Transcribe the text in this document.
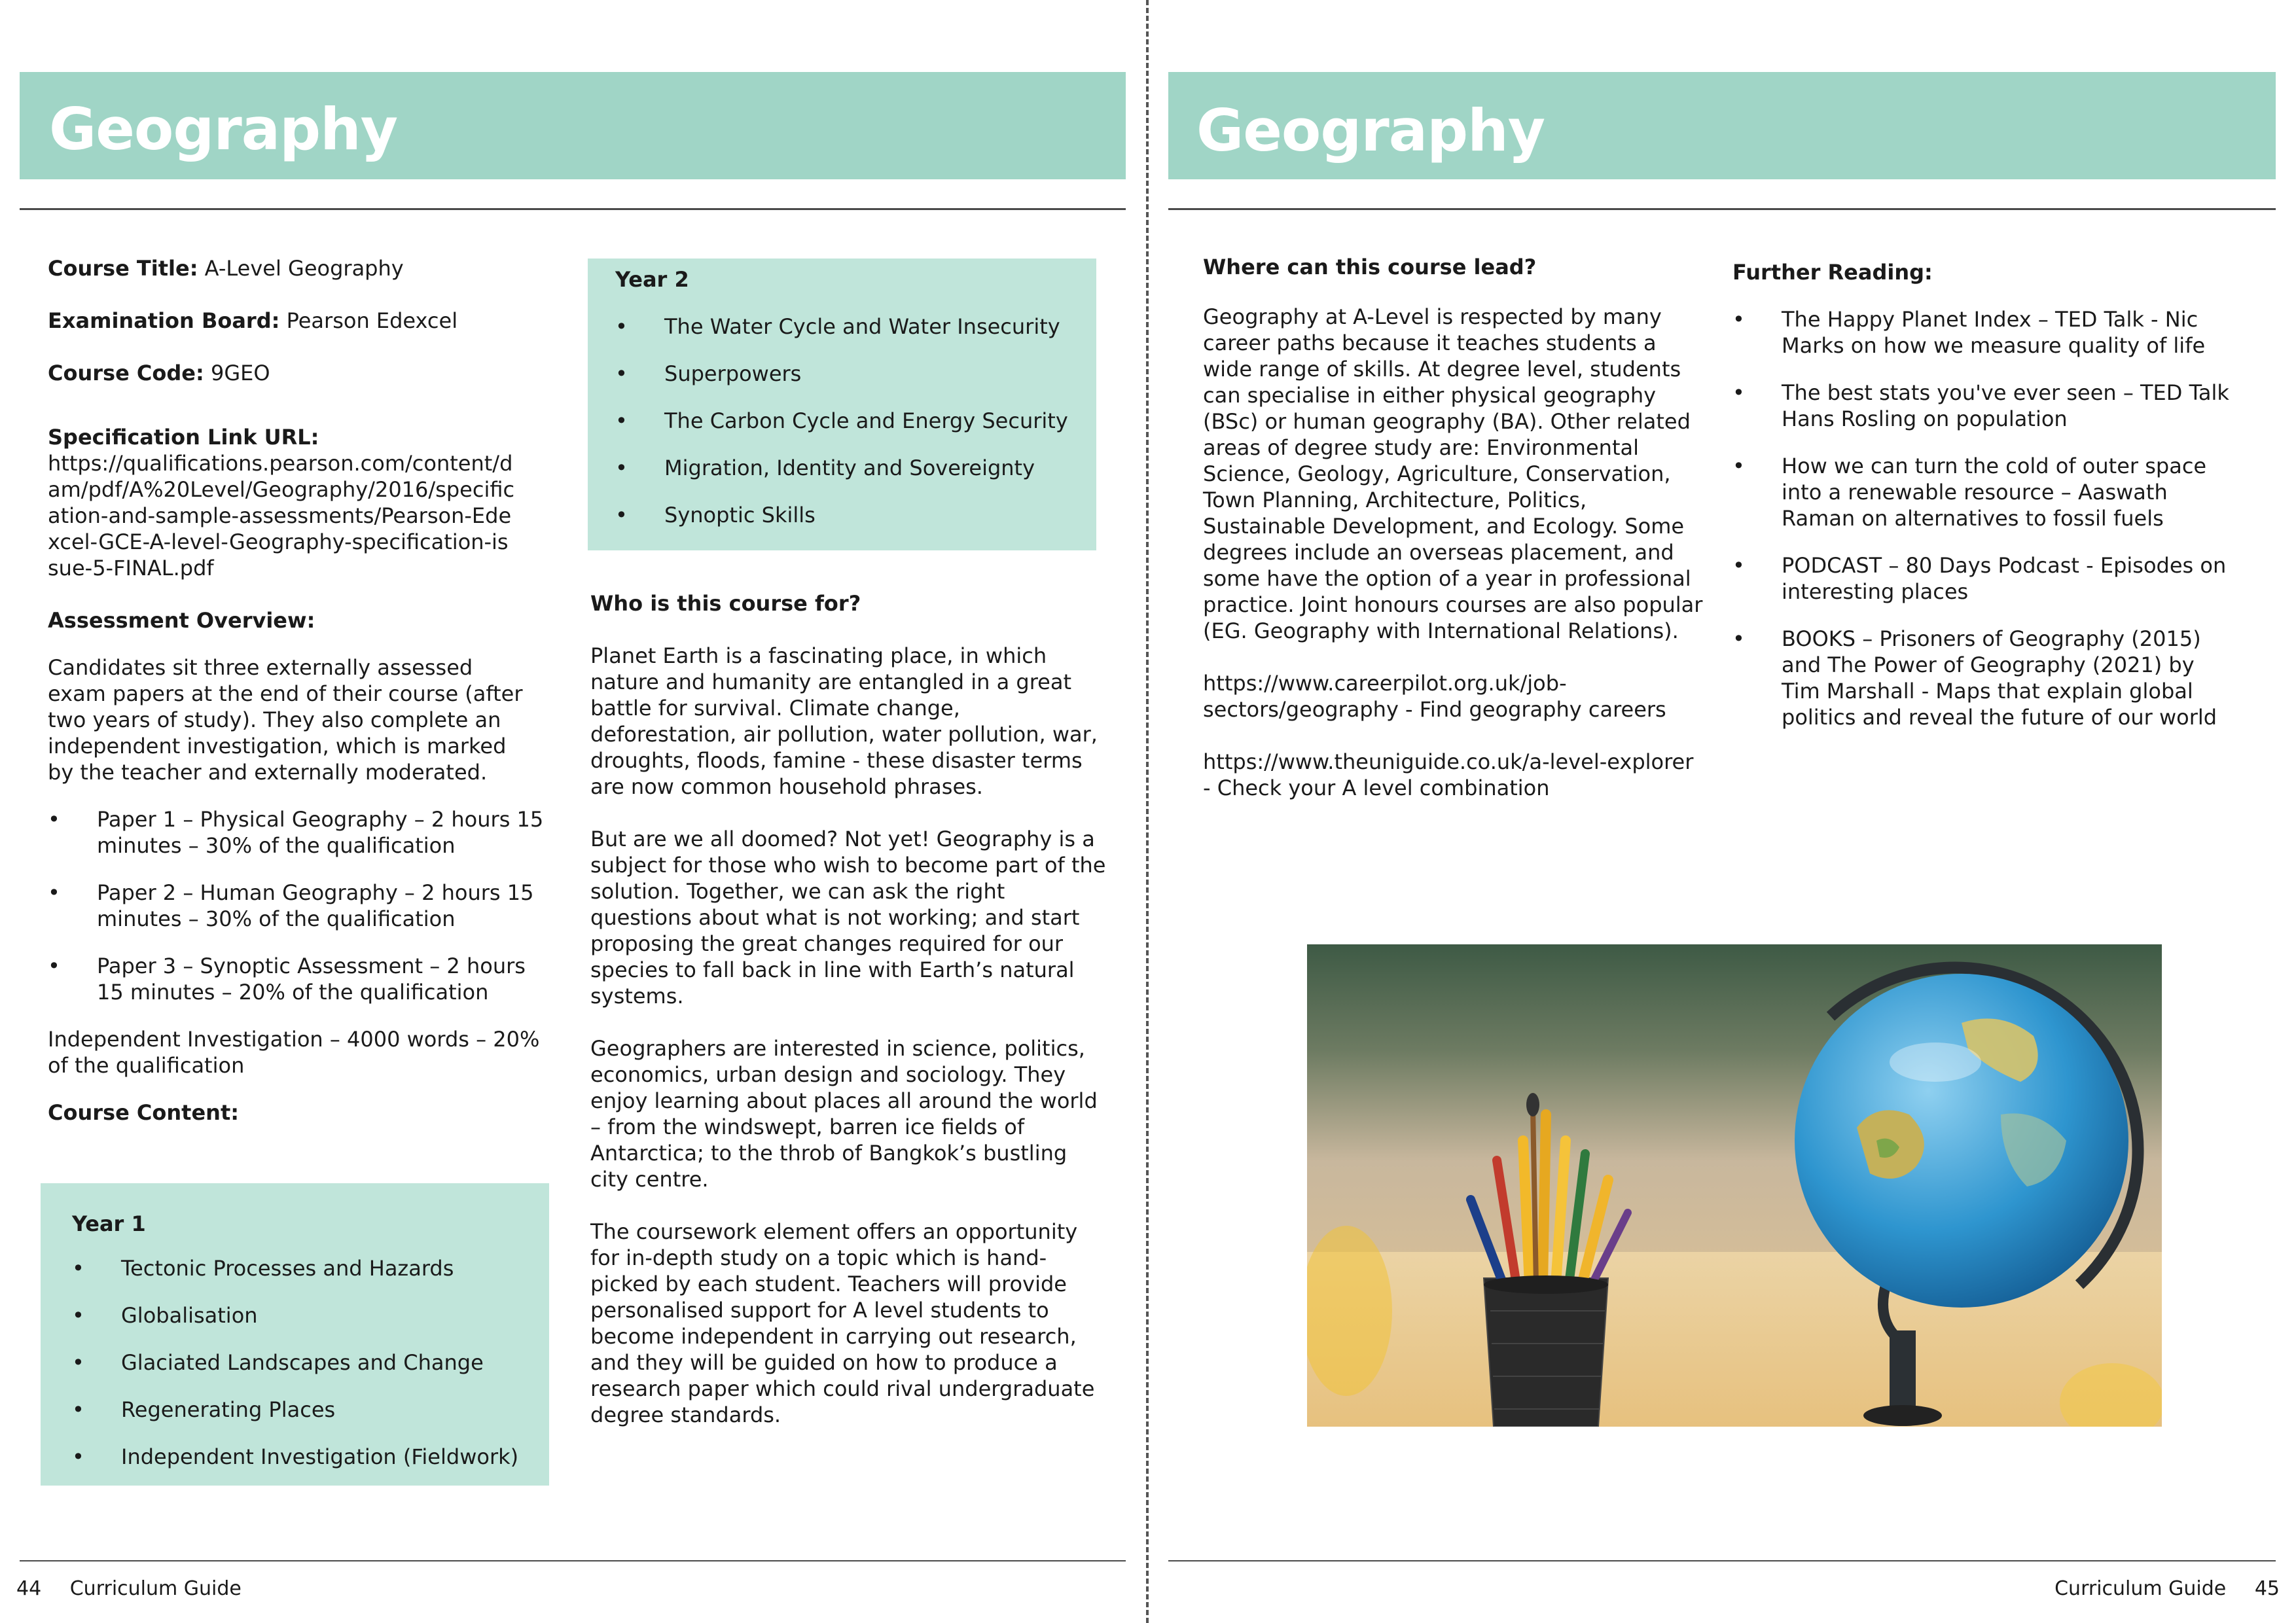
Geography

Course Title: A-Level Geography

Examination Board: Pearson Edexcel

Course Code: 9GEO

Specification Link URL:

https://qualifications.pearson.com/content/dam/pdf/A%20Level/Geography/2016/specification-and-sample-assessments/Pearson-Edexcel-GCE-A-level-Geography-specification-issue-5-FINAL.pdf

Assessment Overview:

Candidates sit three externally assessed exam papers at the end of their course (after two years of study). They also complete an independent investigation, which is marked by the teacher and externally moderated.

• Paper 1 – Physical Geography – 2 hours 15 minutes – 30% of the qualification
• Paper 2 – Human Geography – 2 hours 15 minutes – 30% of the qualification
• Paper 3 – Synoptic Assessment – 2 hours 15 minutes – 20% of the qualification

Independent Investigation – 4000 words – 20% of the qualification

Course Content:
Year 1
• Tectonic Processes and Hazards
• Globalisation
• Glaciated Landscapes and Change
• Regenerating Places
• Independent Investigation (Fieldwork)
Year 2
• The Water Cycle and Water Insecurity
• Superpowers
• The Carbon Cycle and Energy Security
• Migration, Identity and Sovereignty
• Synoptic Skills
Who is this course for?

Planet Earth is a fascinating place, in which nature and humanity are entangled in a great battle for survival. Climate change, deforestation, air pollution, water pollution, war, droughts, floods, famine - these disaster terms are now common household phrases.

But are we all doomed? Not yet! Geography is a subject for those who wish to become part of the solution. Together, we can ask the right questions about what is not working; and start proposing the great changes required for our species to fall back in line with Earth’s natural systems.

Geographers are interested in science, politics, economics, urban design and sociology. They enjoy learning about places all around the world – from the windswept, barren ice fields of Antarctica; to the throb of Bangkok’s bustling city centre.

The coursework element offers an opportunity for in-depth study on a topic which is hand-picked by each student. Teachers will provide personalised support for A level students to become independent in carrying out research, and they will be guided on how to produce a research paper which could rival undergraduate degree standards.

44 Curriculum Guide
Geography
Where can this course lead?

Geography at A-Level is respected by many career paths because it teaches students a wide range of skills. At degree level, students can specialise in either physical geography (BSc) or human geography (BA). Other related areas of degree study are: Environmental Science, Geology, Agriculture, Conservation, Town Planning, Architecture, Politics, Sustainable Development, and Ecology. Some degrees include an overseas placement, and some have the option of a year in professional practice. Joint honours courses are also popular (EG. Geography with International Relations).

https://www.careerpilot.org.uk/job-sectors/geography - Find geography careers

https://www.theuniguide.co.uk/a-level-explorer - Check your A level combination

Further Reading:
• The Happy Planet Index – TED Talk - Nic Marks on how we measure quality of life
• The best stats you've ever seen – TED Talk Hans Rosling on population
• How we can turn the cold of outer space into a renewable resource – Aaswath Raman on alternatives to fossil fuels
• PODCAST – 80 Days Podcast - Episodes on interesting places
• BOOKS – Prisoners of Geography (2015) and The Power of Geography (2021) by Tim Marshall - Maps that explain global politics and reveal the future of our world
Curriculum Guide 45
